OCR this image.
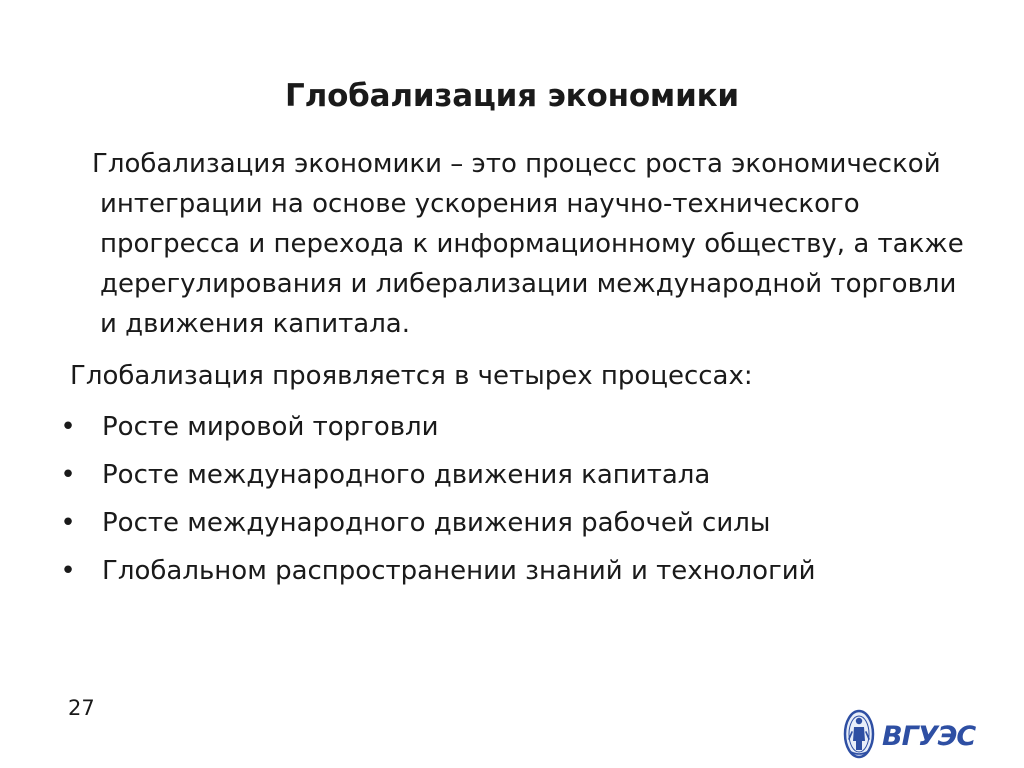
Глобализация экономики
Глобализация экономики – это процесс роста экономической интеграции на основе ускорения научно-технического прогресса и перехода к информационному обществу, а также дерегулирования и либерализации международной торговли и движения капитала.
Глобализация проявляется в четырех процессах:
• Росте мировой торговли
• Росте международного движения капитала
• Росте международного движения рабочей силы
• Глобальном распространении знаний и технологий
27
ВГУЭС
